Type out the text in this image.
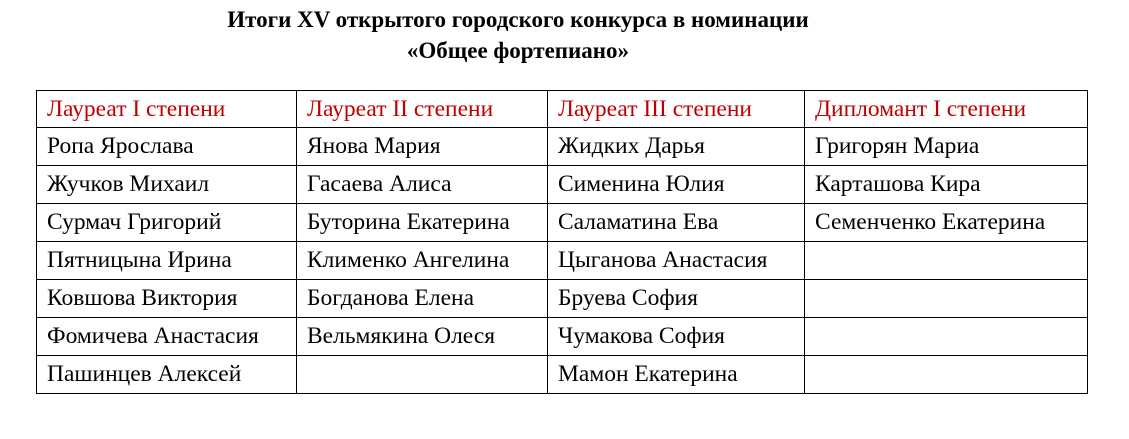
Итоги XV открытого городского конкурса в номинации
«Общее фортепиано»
Лауреат I степени	Лауреат II степени	Лауреат III степени	Дипломант I степени
Ропа Ярослава	Янова Мария	Жидких Дарья	Григорян Мариа
Жучков Михаил	Гасаева Алиса	Сименина Юлия	Карташова Кира
Сурмач Григорий	Буторина Екатерина	Саламатина Ева	Семенченко Екатерина
Пятницына Ирина	Клименко Ангелина	Цыганова Анастасия	
Ковшова Виктория	Богданова Елена	Бруева София	
Фомичева Анастасия	Вельмякина Олеся	Чумакова София	
Пашинцев Алексей		Мамон Екатерина	
